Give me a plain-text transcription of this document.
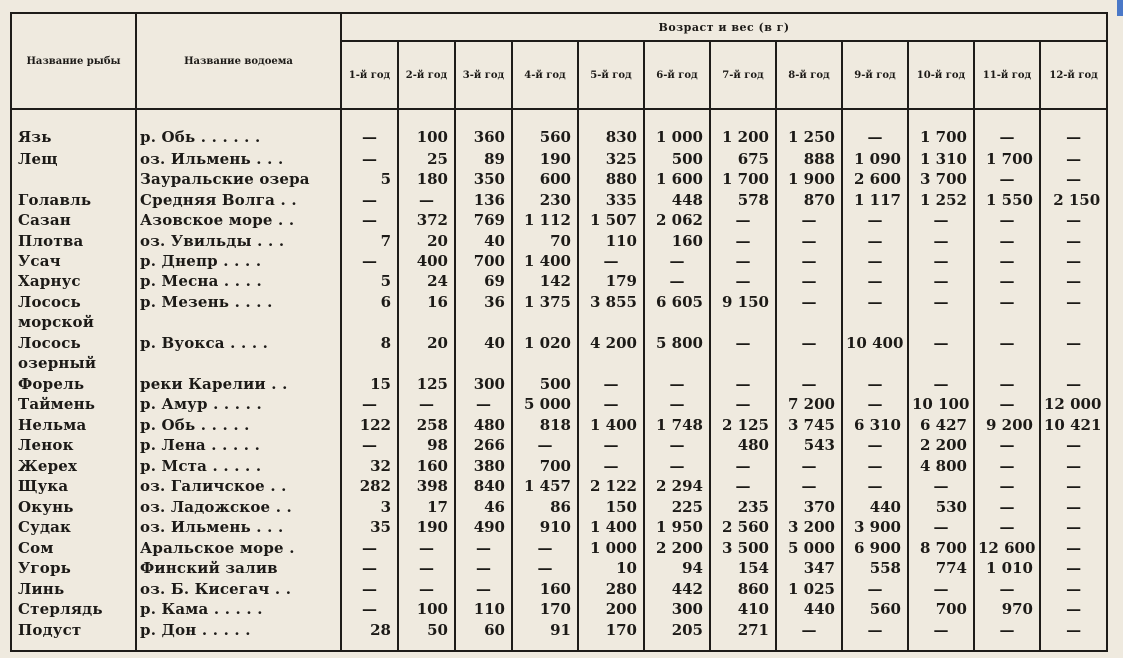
Название рыбы	Название водоема	Возраст и вес (в г)											
		1-й год	2-й год	3-й год	4-й год	5-й год	6-й год	7-й год	8-й год	9-й год	10-й год	11-й год	12-й год
Язь	р. Обь . . . . . .	—	100	360	560	830	1 000	1 200	1 250	—	1 700	—	—
Лещ	оз. Ильмень . . .	—	25	89	190	325	500	675	888	1 090	1 310	1 700	—
	Зауральские озера	5	180	350	600	880	1 600	1 700	1 900	2 600	3 700	—	—
Голавль	Средняя Волга . .	—	—	136	230	335	448	578	870	1 117	1 252	1 550	2 150
Сазан	Азовское море . .	—	372	769	1 112	1 507	2 062	—	—	—	—	—	—
Плотва	оз. Увильды . . .	7	20	40	70	110	160	—	—	—	—	—	—
Усач	р. Днепр . . . .	—	400	700	1 400	—	—	—	—	—	—	—	—
Харнус	р. Месна . . . .	5	24	69	142	179	—	—	—	—	—	—	—
Лосось	р. Мезень . . . .	6	16	36	1 375	3 855	6 605	9 150	—	—	—	—	—
морской													
Лосось	р. Вуокса . . . .	8	20	40	1 020	4 200	5 800	—	—	10 400	—	—	—
озерный													
Форель	реки Карелии . .	15	125	300	500	—	—	—	—	—	—	—	—
Таймень	р. Амур . . . . .	—	—	—	5 000	—	—	—	7 200	—	10 100	—	12 000
Нельма	р. Обь . . . . .	122	258	480	818	1 400	1 748	2 125	3 745	6 310	6 427	9 200	10 421
Ленок	р. Лена . . . . .	—	98	266	—	—	—	480	543	—	2 200	—	—
Жерех	р. Мста . . . . .	32	160	380	700	—	—	—	—	—	4 800	—	—
Щука	оз. Галичское . .	282	398	840	1 457	2 122	2 294	—	—	—	—	—	—
Окунь	оз. Ладожское . .	3	17	46	86	150	225	235	370	440	530	—	—
Судак	оз. Ильмень . . .	35	190	490	910	1 400	1 950	2 560	3 200	3 900	—	—	—
Сом	Аральское море .	—	—	—	—	1 000	2 200	3 500	5 000	6 900	8 700	12 600	—
Угорь	Финский залив	—	—	—	—	10	94	154	347	558	774	1 010	—
Линь	оз. Б. Кисегач . .	—	—	—	160	280	442	860	1 025	—	—	—	—
Стерлядь	р. Кама . . . . .	—	100	110	170	200	300	410	440	560	700	970	—
Подуст	р. Дон . . . . .	28	50	60	91	170	205	271	—	—	—	—	—
